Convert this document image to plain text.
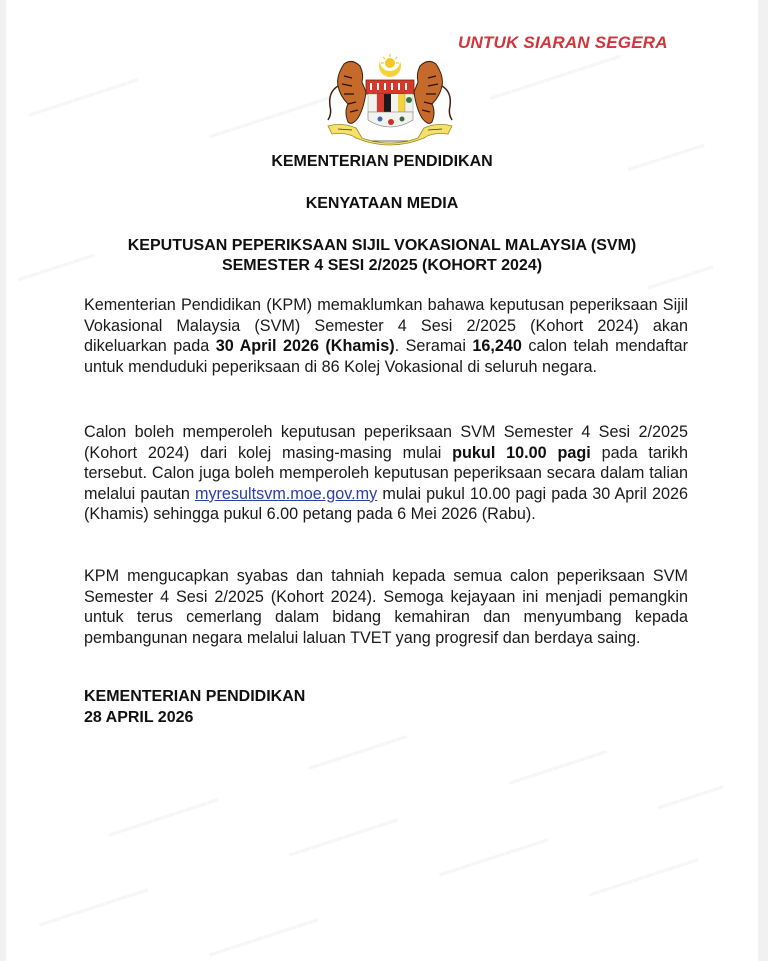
UNTUK SIARAN SEGERA
KEMENTERIAN PENDIDIKAN
KENYATAAN MEDIA
KEPUTUSAN PEPERIKSAAN SIJIL VOKASIONAL MALAYSIA (SVM)
SEMESTER 4 SESI 2/2025 (KOHORT 2024)
Kementerian Pendidikan (KPM) memaklumkan bahawa keputusan peperiksaan Sijil Vokasional Malaysia (SVM) Semester 4 Sesi 2/2025 (Kohort 2024) akan dikeluarkan pada 30 April 2026 (Khamis). Seramai 16,240 calon telah mendaftar untuk menduduki peperiksaan di 86 Kolej Vokasional di seluruh negara.
Calon boleh memperoleh keputusan peperiksaan SVM Semester 4 Sesi 2/2025 (Kohort 2024) dari kolej masing-masing mulai pukul 10.00 pagi pada tarikh tersebut. Calon juga boleh memperoleh keputusan peperiksaan secara dalam talian melalui pautan myresultsvm.moe.gov.my mulai pukul 10.00 pagi pada 30 April 2026 (Khamis) sehingga pukul 6.00 petang pada 6 Mei 2026 (Rabu).
KPM mengucapkan syabas dan tahniah kepada semua calon peperiksaan SVM Semester 4 Sesi 2/2025 (Kohort 2024). Semoga kejayaan ini menjadi pemangkin untuk terus cemerlang dalam bidang kemahiran dan menyumbang kepada pembangunan negara melalui laluan TVET yang progresif dan berdaya saing.
KEMENTERIAN PENDIDIKAN
28 APRIL 2026
